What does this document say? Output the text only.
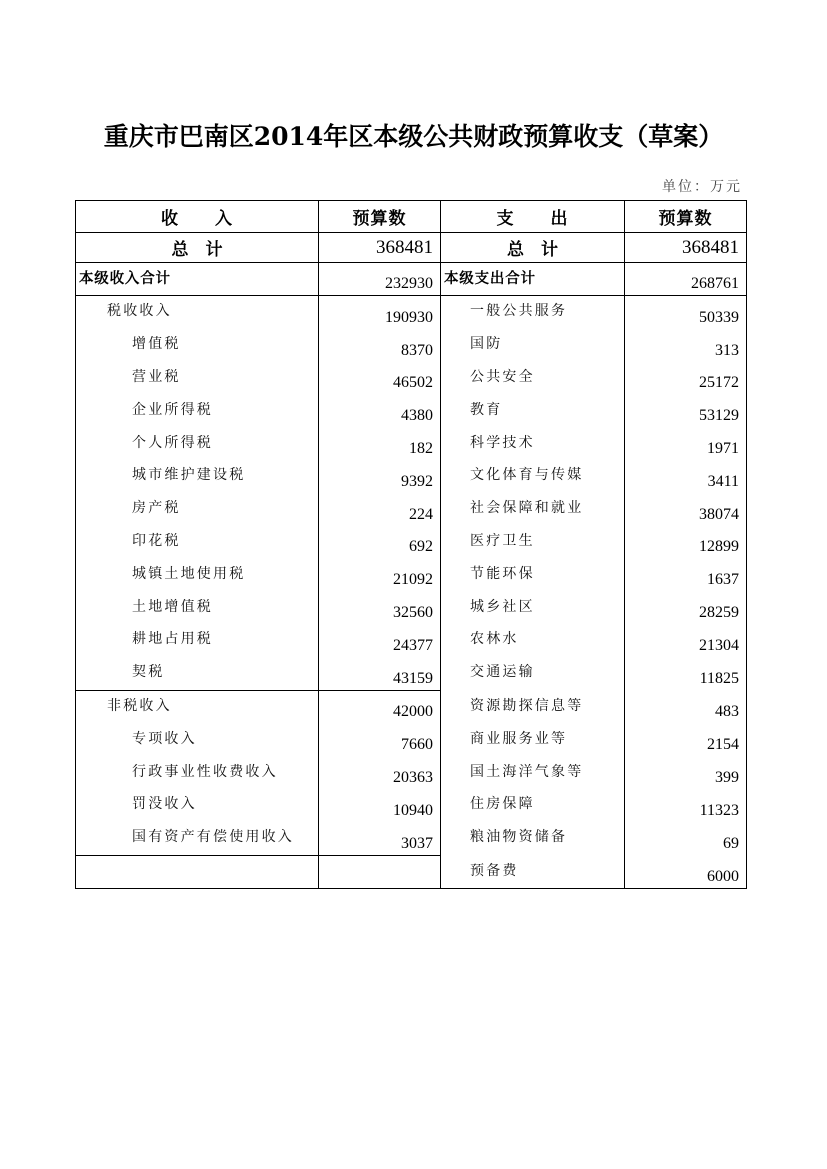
重庆市巴南区2014年区本级公共财政预算收支（草案）
单位：万元
收　　入	预算数	支　　出	预算数
总　计	368481	总　计	368481
本级收入合计	232930	本级支出合计	268761
税收收入	190930	一般公共服务	50339
增值税	8370	国防	313
营业税	46502	公共安全	25172
企业所得税	4380	教育	53129
个人所得税	182	科学技术	1971
城市维护建设税	9392	文化体育与传媒	3411
房产税	224	社会保障和就业	38074
印花税	692	医疗卫生	12899
城镇土地使用税	21092	节能环保	1637
土地增值税	32560	城乡社区	28259
耕地占用税	24377	农林水	21304
契税	43159	交通运输	11825
非税收入	42000	资源勘探信息等	483
专项收入	7660	商业服务业等	2154
行政事业性收费收入	20363	国土海洋气象等	399
罚没收入	10940	住房保障	11323
国有资产有偿使用收入	3037	粮油物资储备	69
		预备费	6000
